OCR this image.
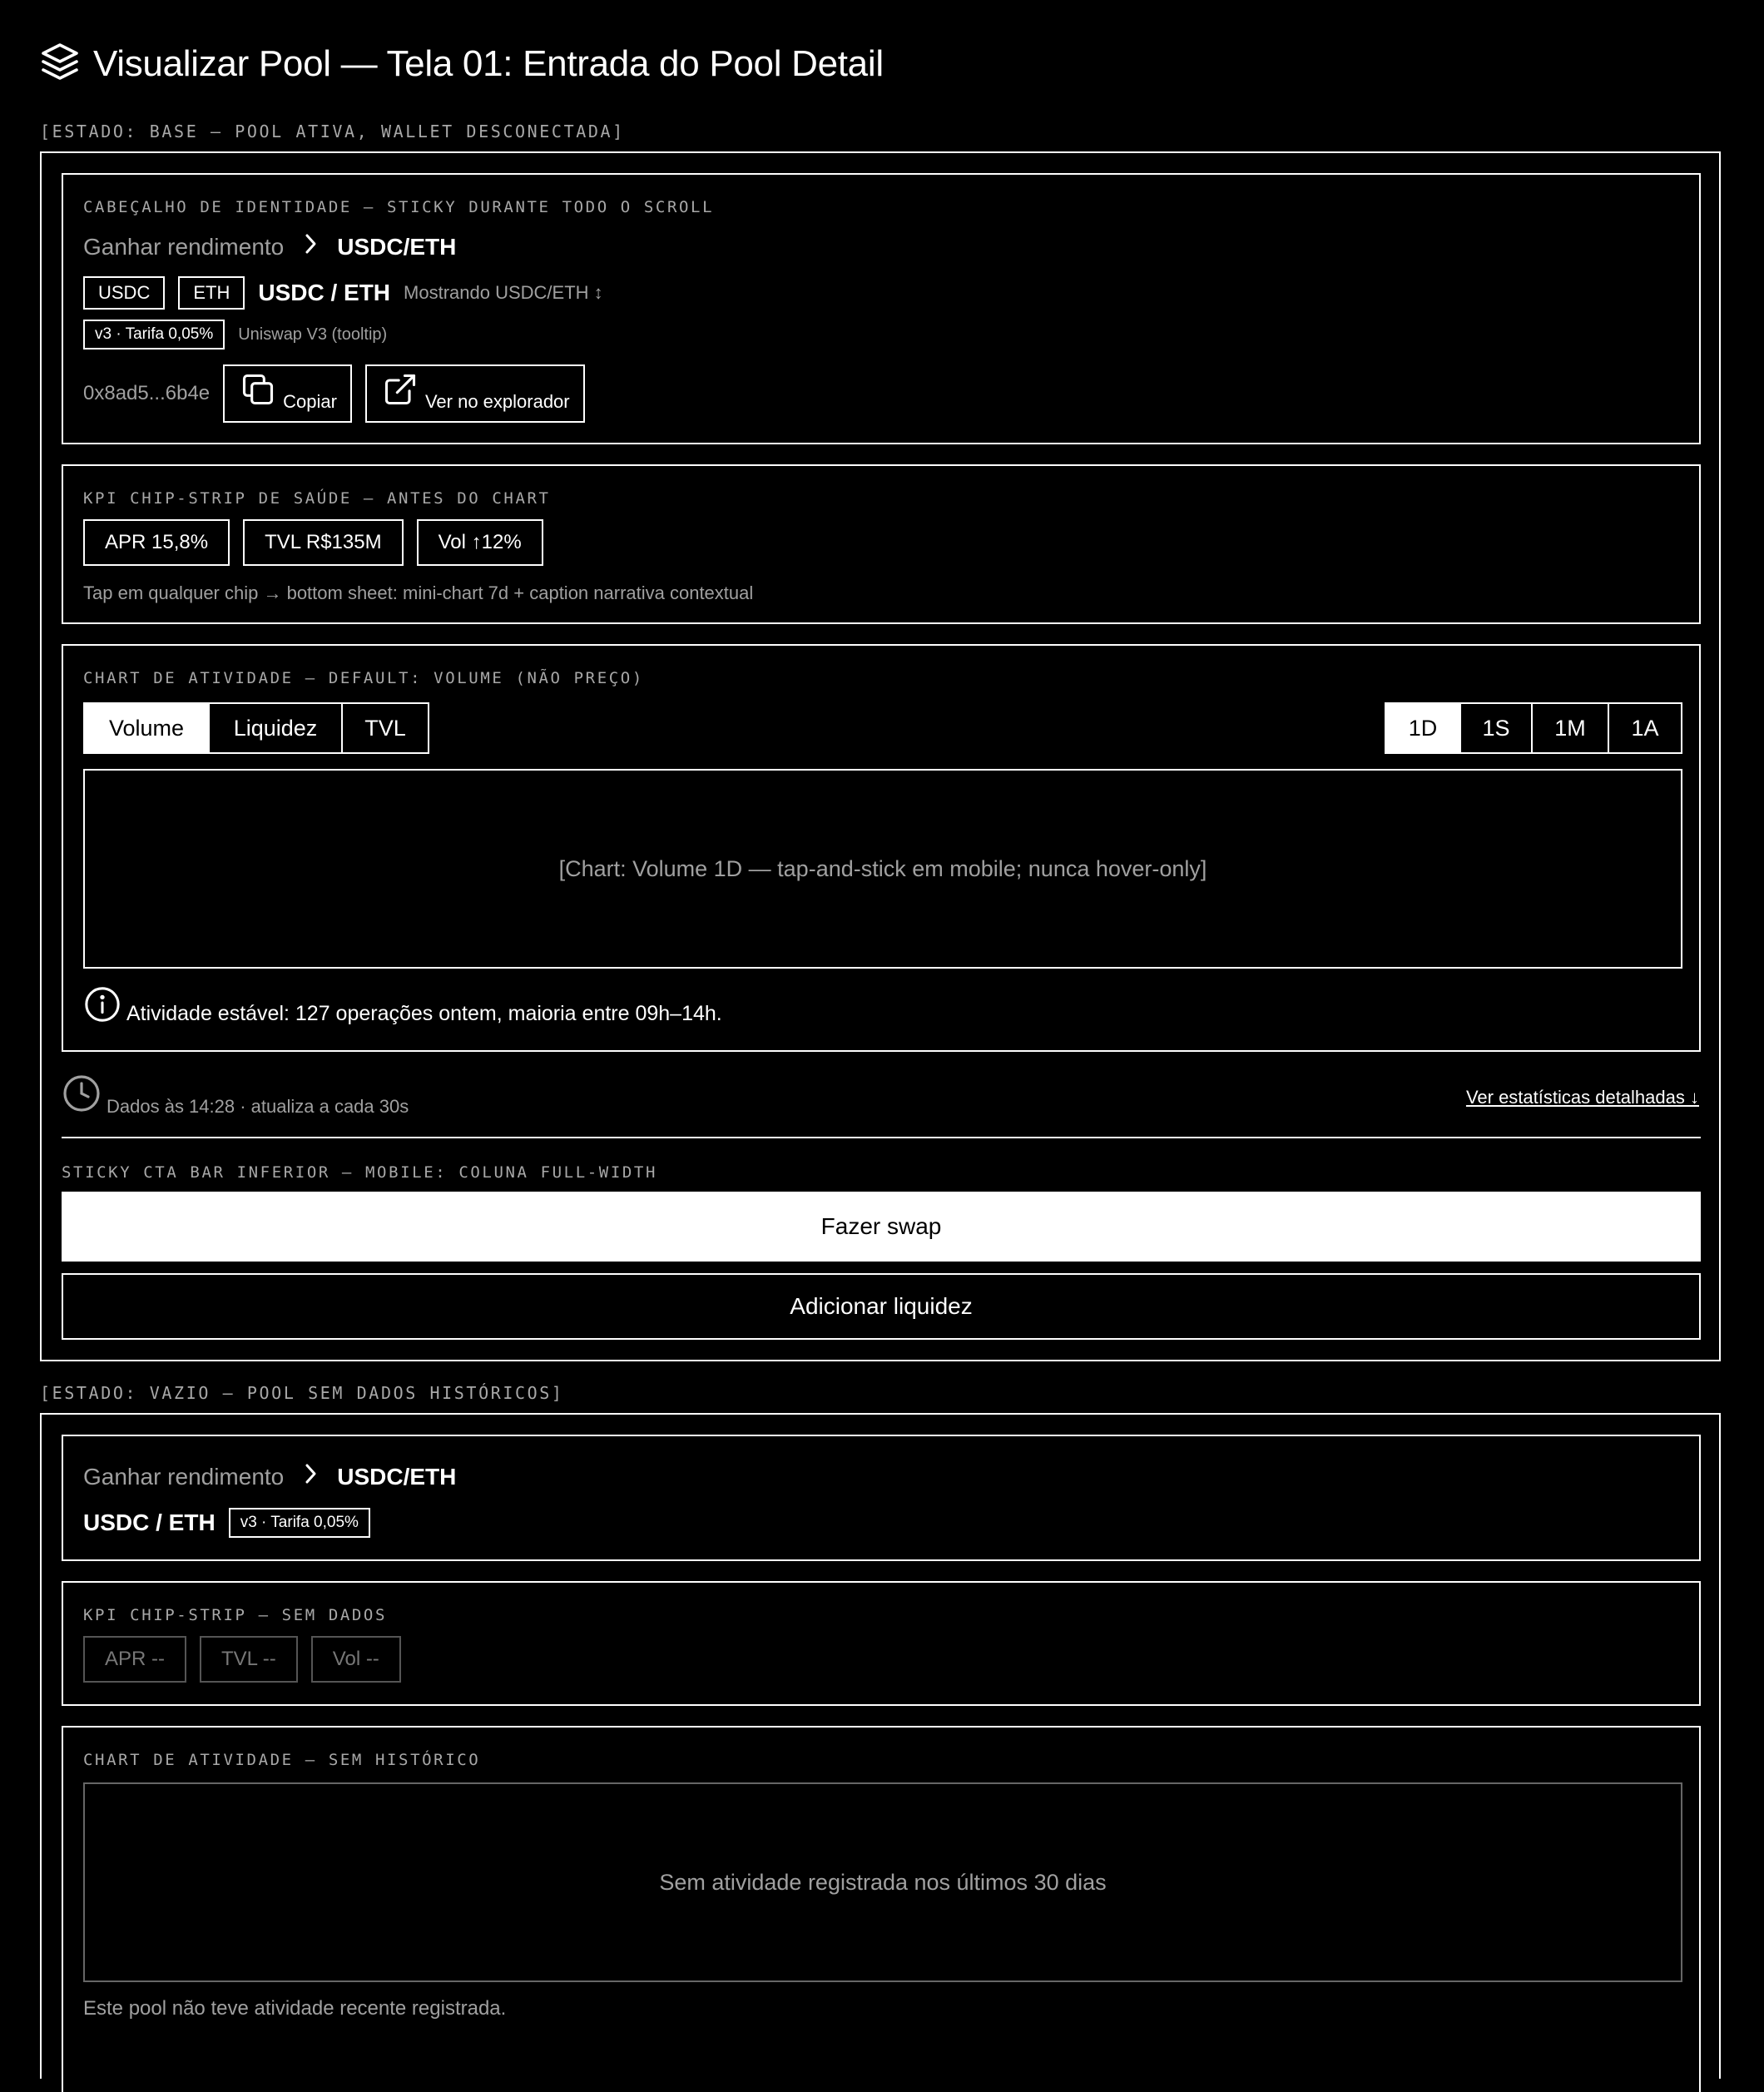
Visualizar Pool — Tela 01: Entrada do Pool Detail
[ESTADO: BASE — POOL ATIVA, WALLET DESCONECTADA]
CABEÇALHO DE IDENTIDADE — STICKY DURANTE TODO O SCROLL
Ganhar rendimento USDC/ETH
USDC	ETH	USDC / ETH Mostrando USDC/ETH ↕
v3 · Tarifa 0,05%	Uniswap V3 (tooltip)
0x8ad5...6b4e	Copiar	Ver no explorador
KPI CHIP-STRIP DE SAÚDE — ANTES DO CHART
APR 15,8%	TVL R$135M	Vol ↑12%
Tap em qualquer chip → bottom sheet: mini-chart 7d + caption narrativa contextual
CHART DE ATIVIDADE — DEFAULT: VOLUME (NÃO PREÇO)
Volume	Liquidez	TVL	1D	1S	1M	1A
[Chart: Volume 1D — tap-and-stick em mobile; nunca hover-only]
Atividade estável: 127 operações ontem, maioria entre 09h–14h.
Dados às 14:28 · atualiza a cada 30s	Ver estatísticas detalhadas ↓
STICKY CTA BAR INFERIOR — MOBILE: COLUNA FULL-WIDTH
Fazer swap
Adicionar liquidez
[ESTADO: VAZIO — POOL SEM DADOS HISTÓRICOS]
Ganhar rendimento USDC/ETH
USDC / ETH	v3 · Tarifa 0,05%
KPI CHIP-STRIP — SEM DADOS
APR --	TVL --	Vol --
CHART DE ATIVIDADE — SEM HISTÓRICO
Sem atividade registrada nos últimos 30 dias
Este pool não teve atividade recente registrada.
